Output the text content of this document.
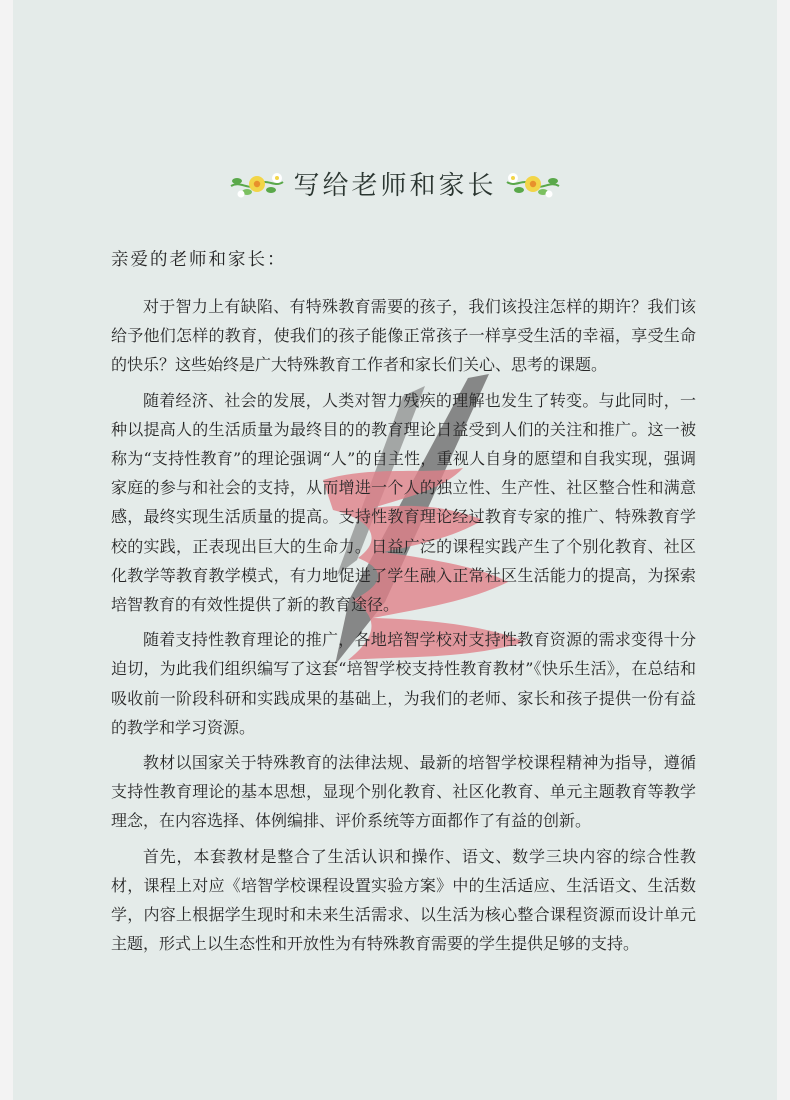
写给老师和家长
亲爱的老师和家长：

对于智力上有缺陷、有特殊教育需要的孩子，我们该投注怎样的期许？我们该给予他们怎样的教育，使我们的孩子能像正常孩子一样享受生活的幸福，享受生命的快乐？这些始终是广大特殊教育工作者和家长们关心、思考的课题。

随着经济、社会的发展，人类对智力残疾的理解也发生了转变。与此同时，一种以提高人的生活质量为最终目的的教育理论日益受到人们的关注和推广。这一被称为“支持性教育”的理论强调“人”的自主性，重视人自身的愿望和自我实现，强调家庭的参与和社会的支持，从而增进一个人的独立性、生产性、社区整合性和满意感，最终实现生活质量的提高。支持性教育理论经过教育专家的推广、特殊教育学校的实践，正表现出巨大的生命力。日益广泛的课程实践产生了个别化教育、社区化教学等教育教学模式，有力地促进了学生融入正常社区生活能力的提高，为探索培智教育的有效性提供了新的教育途径。

随着支持性教育理论的推广，各地培智学校对支持性教育资源的需求变得十分迫切，为此我们组织编写了这套“培智学校支持性教育教材”《快乐生活》，在总结和吸收前一阶段科研和实践成果的基础上，为我们的老师、家长和孩子提供一份有益的教学和学习资源。

教材以国家关于特殊教育的法律法规、最新的培智学校课程精神为指导，遵循支持性教育理论的基本思想，显现个别化教育、社区化教育、单元主题教育等教学理念，在内容选择、体例编排、评价系统等方面都作了有益的创新。

首先，本套教材是整合了生活认识和操作、语文、数学三块内容的综合性教材，课程上对应《培智学校课程设置实验方案》中的生活适应、生活语文、生活数学，内容上根据学生现时和未来生活需求、以生活为核心整合课程资源而设计单元主题，形式上以生态性和开放性为有特殊教育需要的学生提供足够的支持。
